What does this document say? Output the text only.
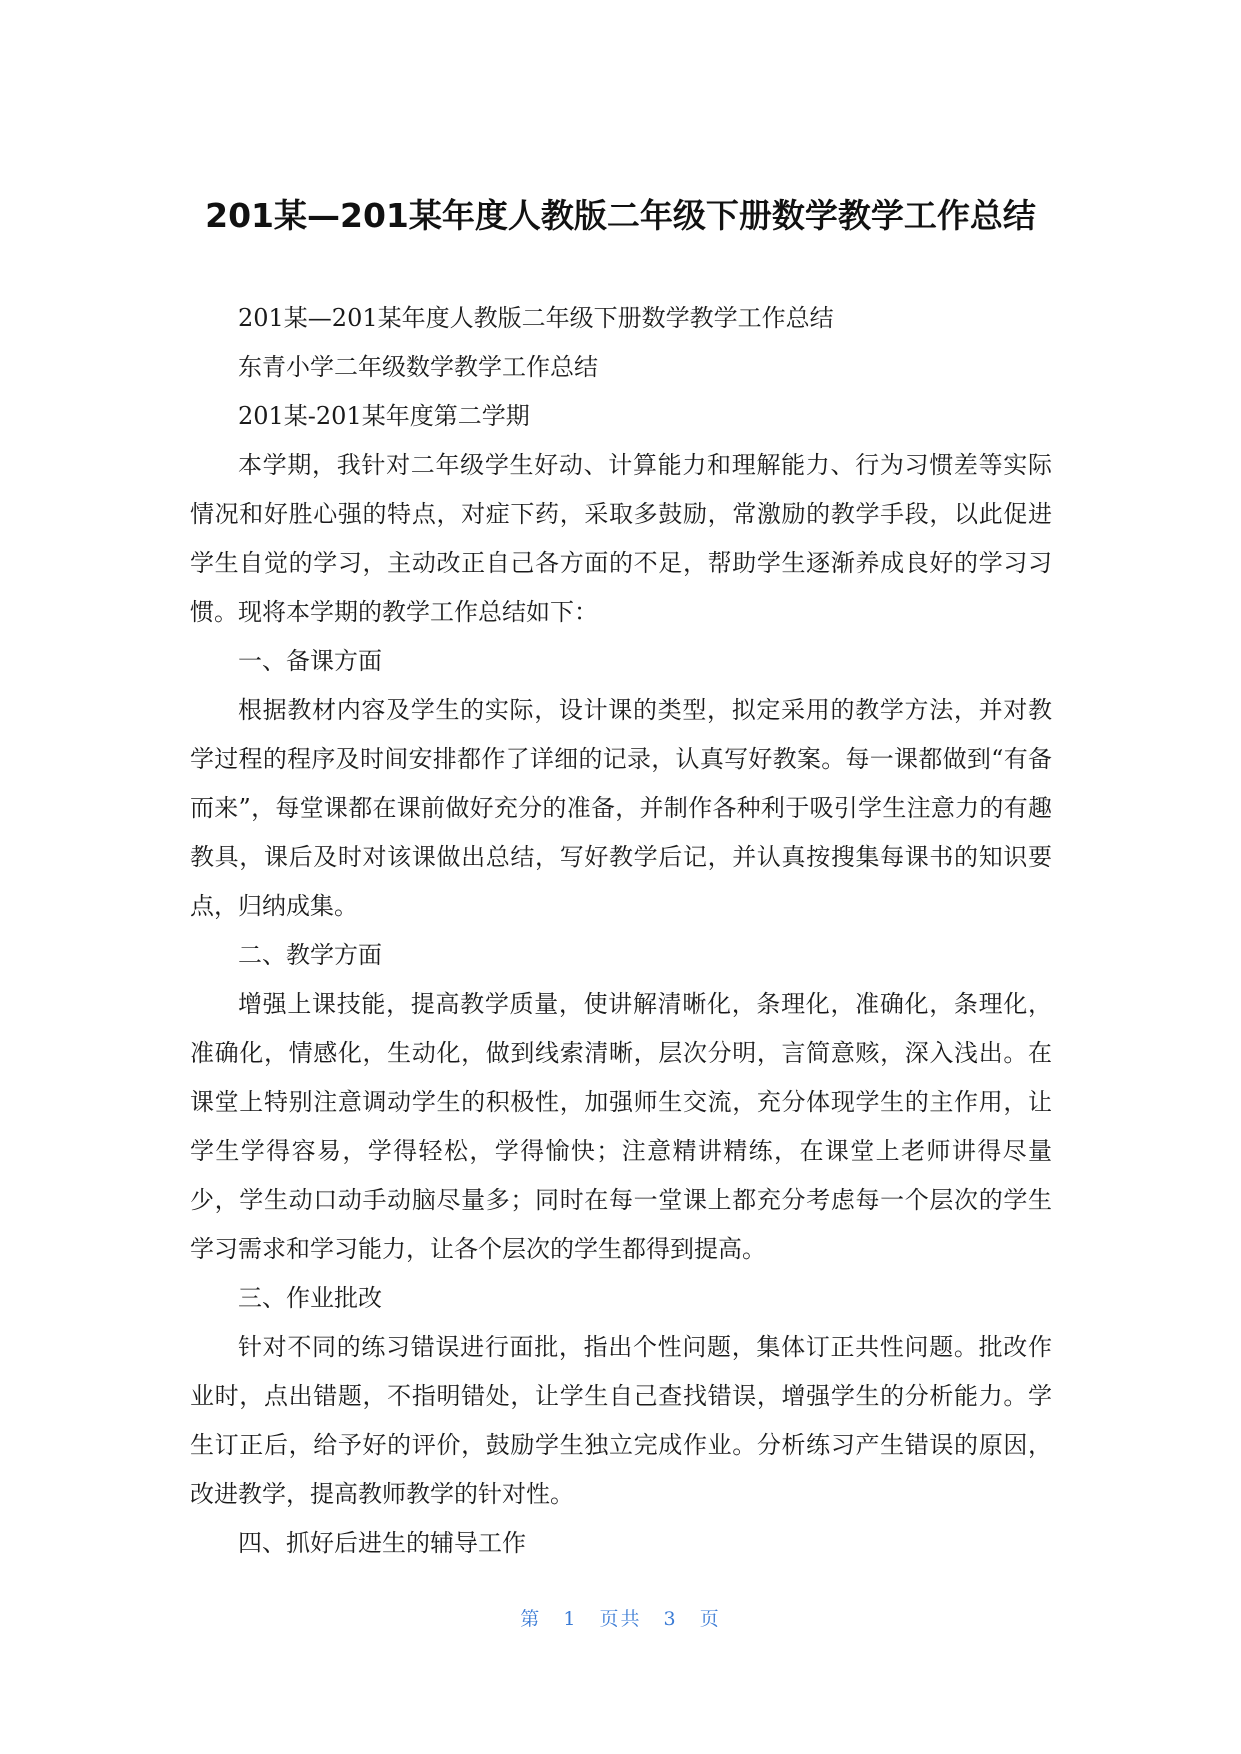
201某—201某年度人教版二年级下册数学教学工作总结

201某—201某年度人教版二年级下册数学教学工作总结

东青小学二年级数学教学工作总结

201某-201某年度第二学期

本学期，我针对二年级学生好动、计算能力和理解能力、行为习惯差等实际情况和好胜心强的特点，对症下药，采取多鼓励，常激励的教学手段，以此促进学生自觉的学习，主动改正自己各方面的不足，帮助学生逐渐养成良好的学习习惯。现将本学期的教学工作总结如下：

一、备课方面

根据教材内容及学生的实际，设计课的类型，拟定采用的教学方法，并对教学过程的程序及时间安排都作了详细的记录，认真写好教案。每一课都做到“有备而来”，每堂课都在课前做好充分的准备，并制作各种利于吸引学生注意力的有趣教具，课后及时对该课做出总结，写好教学后记，并认真按搜集每课书的知识要点，归纳成集。

二、教学方面

增强上课技能，提高教学质量，使讲解清晰化，条理化，准确化，条理化，准确化，情感化，生动化，做到线索清晰，层次分明，言简意赅，深入浅出。在课堂上特别注意调动学生的积极性，加强师生交流，充分体现学生的主作用，让学生学得容易，学得轻松，学得愉快；注意精讲精练，在课堂上老师讲得尽量少，学生动口动手动脑尽量多；同时在每一堂课上都充分考虑每一个层次的学生学习需求和学习能力，让各个层次的学生都得到提高。

三、作业批改

针对不同的练习错误进行面批，指出个性问题，集体订正共性问题。批改作业时，点出错题，不指明错处，让学生自己查找错误，增强学生的分析能力。学生订正后，给予好的评价，鼓励学生独立完成作业。分析练习产生错误的原因，改进教学，提高教师教学的针对性。

四、抓好后进生的辅导工作

第 1 页共 3 页
